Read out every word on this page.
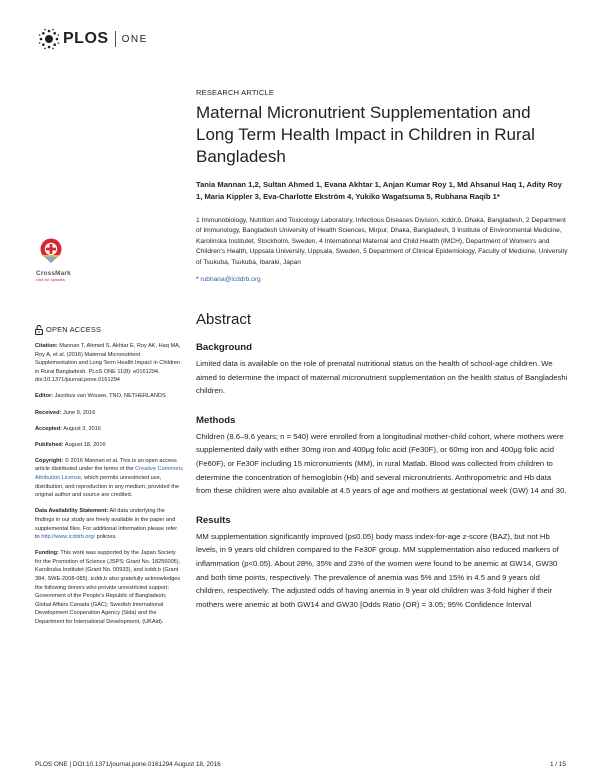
PLOS ONE
CrossMark
click for updates
RESEARCH ARTICLE
Maternal Micronutrient Supplementation and Long Term Health Impact in Children in Rural Bangladesh
Tania Mannan 1,2, Sultan Ahmed 1, Evana Akhtar 1, Anjan Kumar Roy 1, Md Ahsanul Haq 1, Adity Roy 1, Maria Kippler 3, Eva-Charlotte Ekström 4, Yukiko Wagatsuma 5, Rubhana Raqib 1*
1 Immunobiology, Nutrition and Toxicology Laboratory, Infectious Diseases Division, icddr,b, Dhaka, Bangladesh, 2 Department of Immunology, Bangladesh University of Health Sciences, Mirpur, Dhaka, Bangladesh, 3 Institute of Environmental Medicine, Karolinska Institutet, Stockholm, Sweden, 4 International Maternal and Child Health (IMCH), Department of Women's and Children's Health, Uppsala University, Uppsala, Sweden, 5 Department of Clinical Epidemiology, Faculty of Medicine, University of Tsukuba, Tsukuba, Ibaraki, Japan
* rubhana@icddrb.org
Abstract
Background

Limited data is available on the role of prenatal nutritional status on the health of school-age children. We aimed to determine the impact of maternal micronutrient supplementation on the health status of Bangladeshi children.

Methods

Children (8.6–9.6 years; n = 540) were enrolled from a longitudinal mother-child cohort, where mothers were supplemented daily with either 30mg iron and 400μg folic acid (Fe30F), or 60mg iron and 400μg folic acid (Fe60F), or Fe30F including 15 micronutrients (MM), in rural Matlab. Blood was collected from children to determine the concentration of hemoglobin (Hb) and several micronutrients. Anthropometric and Hb data from these children were also available at 4.5 years of age and mothers at gestational week (GW) 14 and 30.

Results

MM supplementation significantly improved (p≤0.05) body mass index-for-age z-score (BAZ), but not Hb levels, in 9 years old children compared to the Fe30F group. MM supplementation also reduced markers of inflammation (p<0.05). About 28%, 35% and 23% of the women were found to be anemic at GW14, GW30 and both time points, respectively. The prevalence of anemia was 5% and 15% in 4.5 and 9 years old children, respectively. The adjusted odds of having anemia in 9 year old children was 3-fold higher if their mothers were anemic at both GW14 and GW30 [Odds Ratio (OR) = 3.05; 95% Confidence Interval

OPEN ACCESS
Citation: Mannan T, Ahmed S, Akhtar E, Roy AK, Haq MA, Roy A, et al. (2016) Maternal Micronutrient Supplementation and Long Term Health Impact in Children in Rural Bangladesh. PLoS ONE 11(8): e0161294. doi:10.1371/journal.pone.0161294
Editor: Jacobus van Wouwe, TNO, NETHERLANDS
Received: June 9, 2016
Accepted: August 3, 2016
Published: August 18, 2016
Copyright: © 2016 Mannan et al. This is an open access article distributed under the terms of the Creative Commons Attribution License, which permits unrestricted use, distribution, and reproduction in any medium, provided the original author and source are credited.
Data Availability Statement: All data underlying the findings in our study are freely available in the paper and supplemental files. For additional information please refer to http://www.icddrb.org/ policies.
Funding: This work was supported by the Japan Society for the Promotion of Science (JSPS; Grant No. 18256005), Karolinska Institutet (Grant No. 00933), and icddr,b (Grant 384, SWE-2008-085). icddr,b also gratefully acknowledges the following donors who provide unrestricted support: Government of the People's Republic of Bangladesh; Global Affairs Canada (GAC); Swedish International Development Cooperation Agency (Sida) and the Department for International Development, (UKAid).
PLOS ONE | DOI:10.1371/journal.pone.0161294 August 18, 2016	1 / 15
